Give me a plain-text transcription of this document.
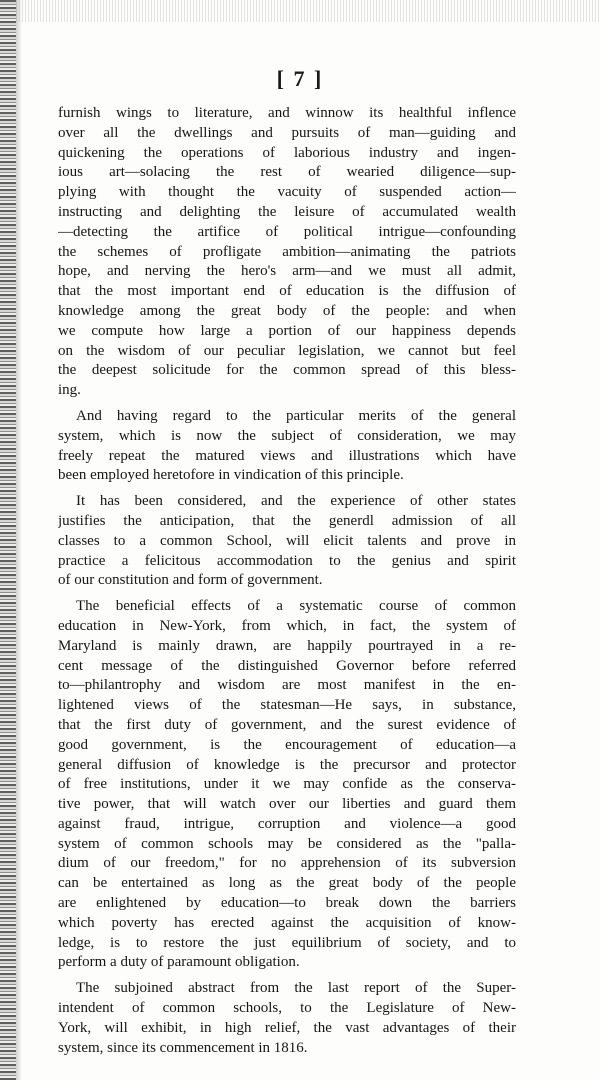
[ 7 ]

furnish wings to literature, and winnow its healthful inflence
over all the dwellings and pursuits of man—guiding and
quickening the operations of laborious industry and ingen-
ious art—solacing the rest of wearied diligence—sup-
plying with thought the vacuity of suspended action—
instructing and delighting the leisure of accumulated wealth
—detecting the artifice of political intrigue—confounding
the schemes of profligate ambition—animating the patriots
hope, and nerving the hero's arm—and we must all admit,
that the most important end of education is the diffusion of
knowledge among the great body of the people: and when
we compute how large a portion of our happiness depends
on the wisdom of our peculiar legislation, we cannot but feel
the deepest solicitude for the common spread of this bless-
ing.

And having regard to the particular merits of the general
system, which is now the subject of consideration, we may
freely repeat the matured views and illustrations which have
been employed heretofore in vindication of this principle.

It has been considered, and the experience of other states
justifies the anticipation, that the generdl admission of all
classes to a common School, will elicit talents and prove in
practice a felicitous accommodation to the genius and spirit
of our constitution and form of government.

The beneficial effects of a systematic course of common
education in New-York, from which, in fact, the system of
Maryland is mainly drawn, are happily pourtrayed in a re-
cent message of the distinguished Governor before referred
to—philantrophy and wisdom are most manifest in the en-
lightened views of the statesman—He says, in substance,
that the first duty of government, and the surest evidence of
good government, is the encouragement of education—a
general diffusion of knowledge is the precursor and protector
of free institutions, under it we may confide as the conserva-
tive power, that will watch over our liberties and guard them
against fraud, intrigue, corruption and violence—a good
system of common schools may be considered as the "palla-
dium of our freedom," for no apprehension of its subversion
can be entertained as long as the great body of the people
are enlightened by education—to break down the barriers
which poverty has erected against the acquisition of know-
ledge, is to restore the just equilibrium of society, and to
perform a duty of paramount obligation.

The subjoined abstract from the last report of the Super-
intendent of common schools, to the Legislature of New-
York, will exhibit, in high relief, the vast advantages of their
system, since its commencement in 1816.
